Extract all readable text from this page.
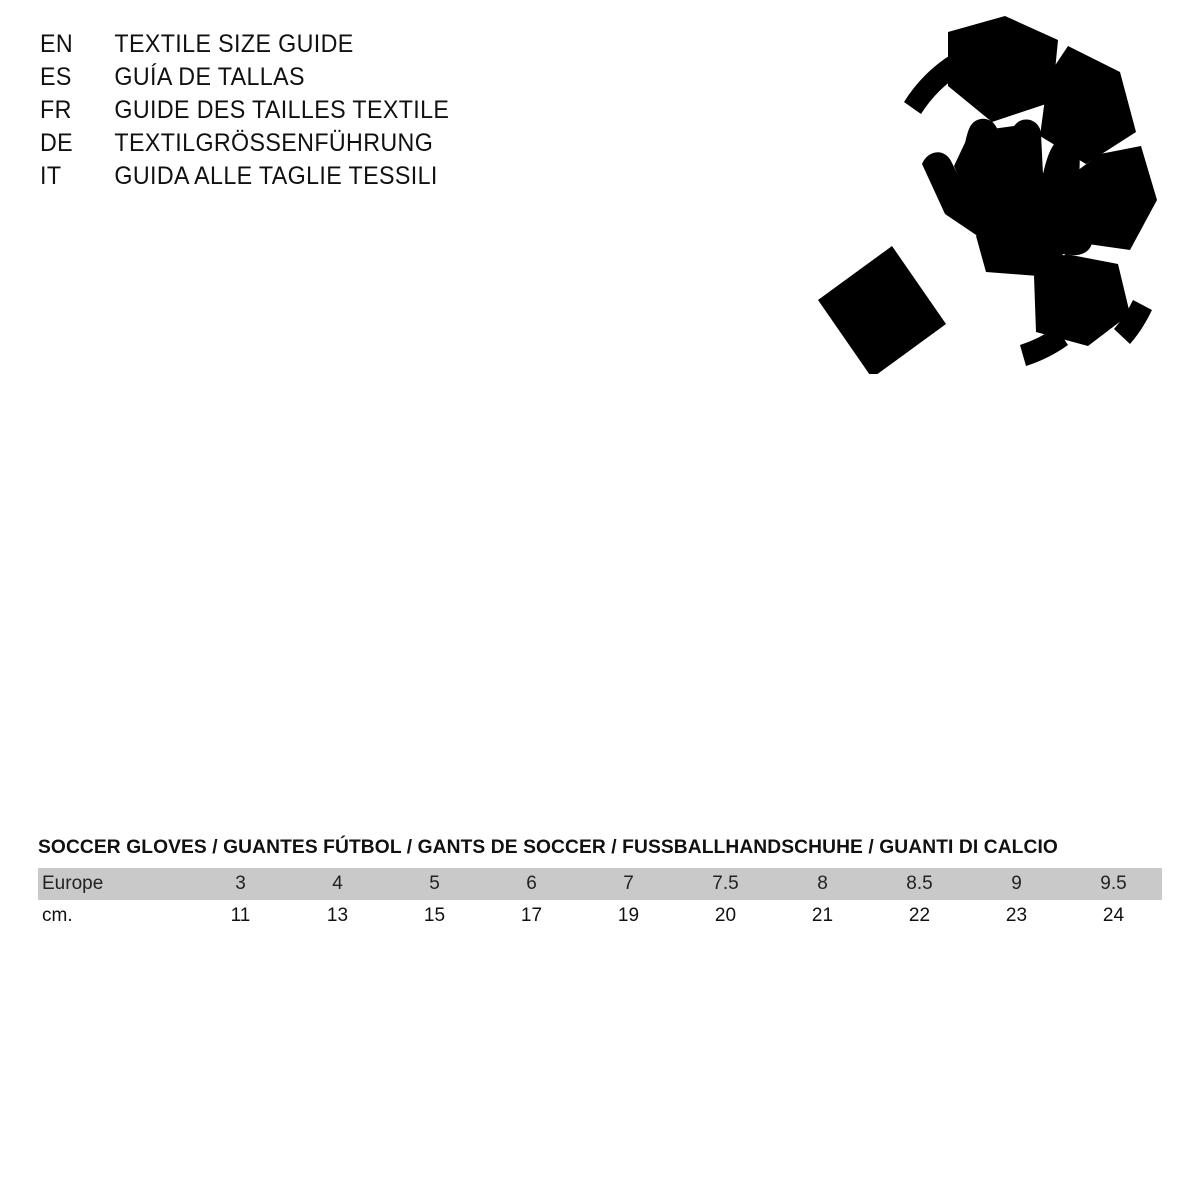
EN	TEXTILE SIZE GUIDE
ES	GUÍA DE TALLAS
FR	GUIDE DES TAILLES TEXTILE
DE	TEXTILGRÖSSENFÜHRUNG
IT	GUIDA ALLE TAGLIE TESSILI
SOCCER GLOVES / GUANTES FÚTBOL / GANTS DE SOCCER / FUSSBALLHANDSCHUHE / GUANTI DI CALCIO
Europe	3	4	5	6	7	7.5	8	8.5	9	9.5
cm.	11	13	15	17	19	20	21	22	23	24
